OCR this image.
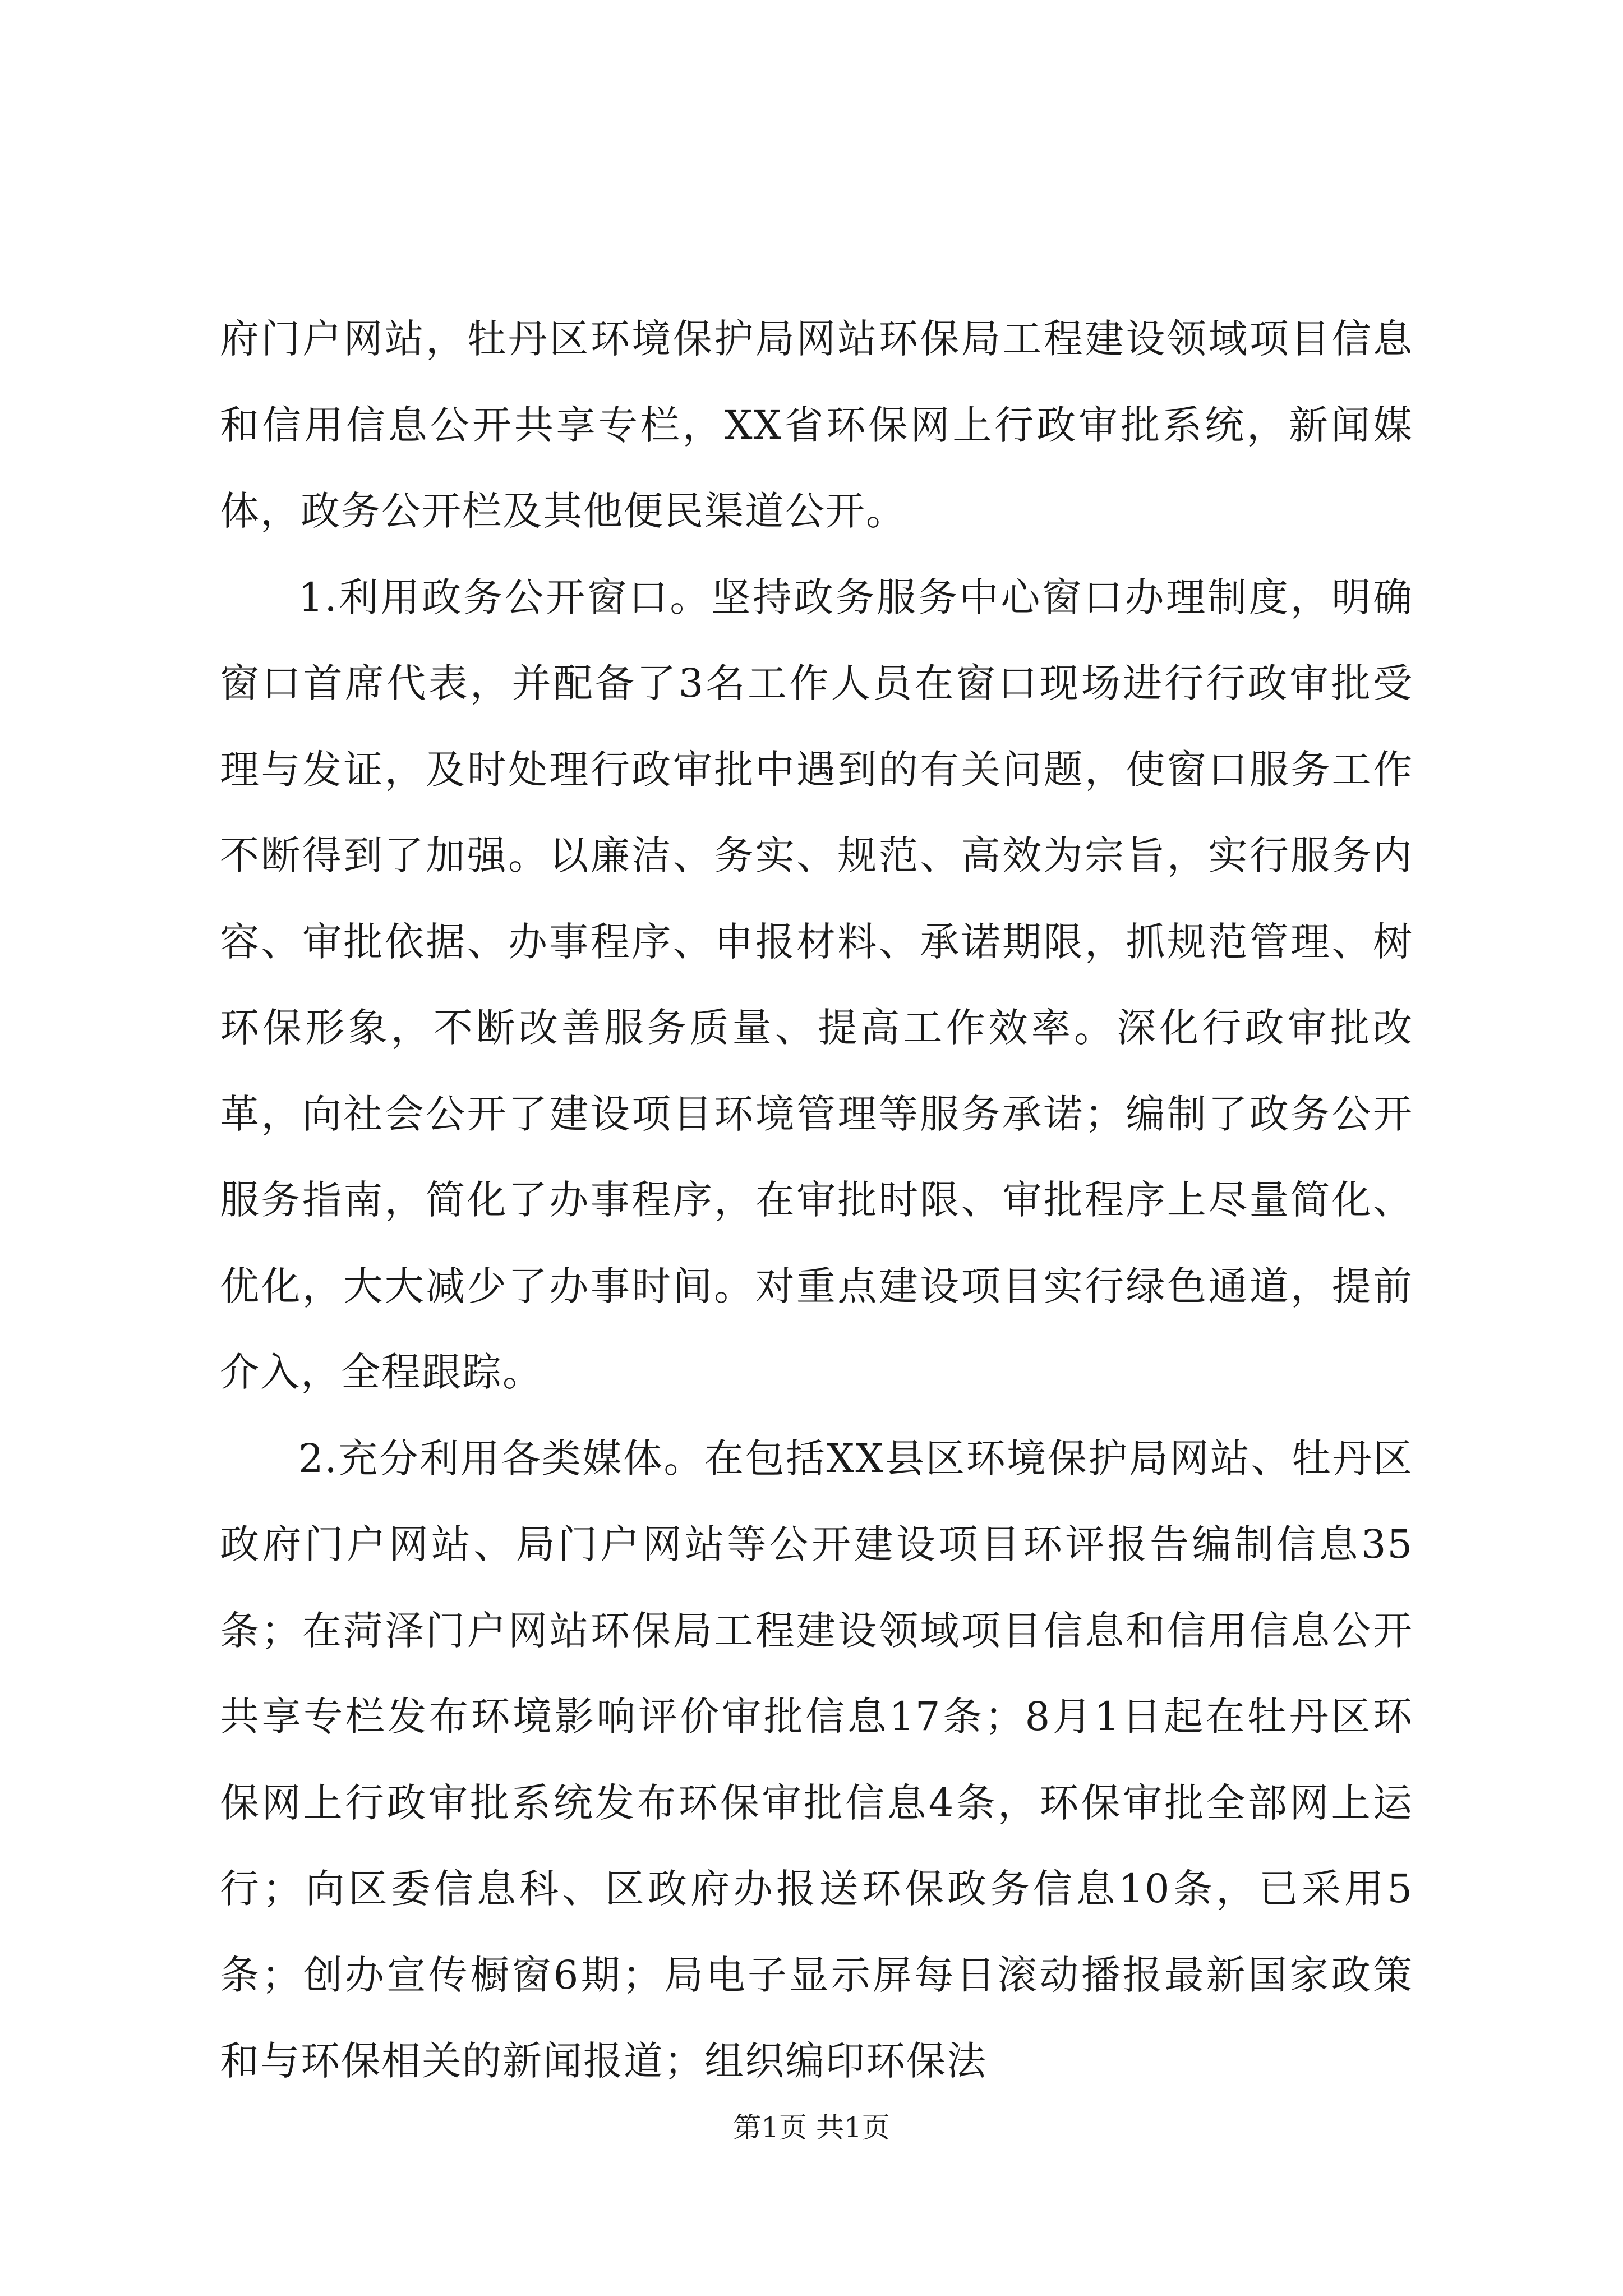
府门户网站，牡丹区环境保护局网站环保局工程建设领域项目信息和信用信息公开共享专栏，XX省环保网上行政审批系统，新闻媒体，政务公开栏及其他便民渠道公开。

1.利用政务公开窗口。坚持政务服务中心窗口办理制度，明确窗口首席代表，并配备了3名工作人员在窗口现场进行行政审批受理与发证，及时处理行政审批中遇到的有关问题，使窗口服务工作不断得到了加强。以廉洁、务实、规范、高效为宗旨，实行服务内容、审批依据、办事程序、申报材料、承诺期限，抓规范管理、树环保形象，不断改善服务质量、提高工作效率。深化行政审批改革，向社会公开了建设项目环境管理等服务承诺；编制了政务公开服务指南，简化了办事程序，在审批时限、审批程序上尽量简化、优化，大大减少了办事时间。对重点建设项目实行绿色通道，提前介入，全程跟踪。

2.充分利用各类媒体。在包括XX县区环境保护局网站、牡丹区政府门户网站、局门户网站等公开建设项目环评报告编制信息35条；在菏泽门户网站环保局工程建设领域项目信息和信用信息公开共享专栏发布环境影响评价审批信息17条；8月1日起在牡丹区环保网上行政审批系统发布环保审批信息4条，环保审批全部网上运行；向区委信息科、区政府办报送环保政务信息10条，已采用5条；创办宣传橱窗6期；局电子显示屏每日滚动播报最新国家政策和与环保相关的新闻报道；组织编印环保法

第1页 共1页
